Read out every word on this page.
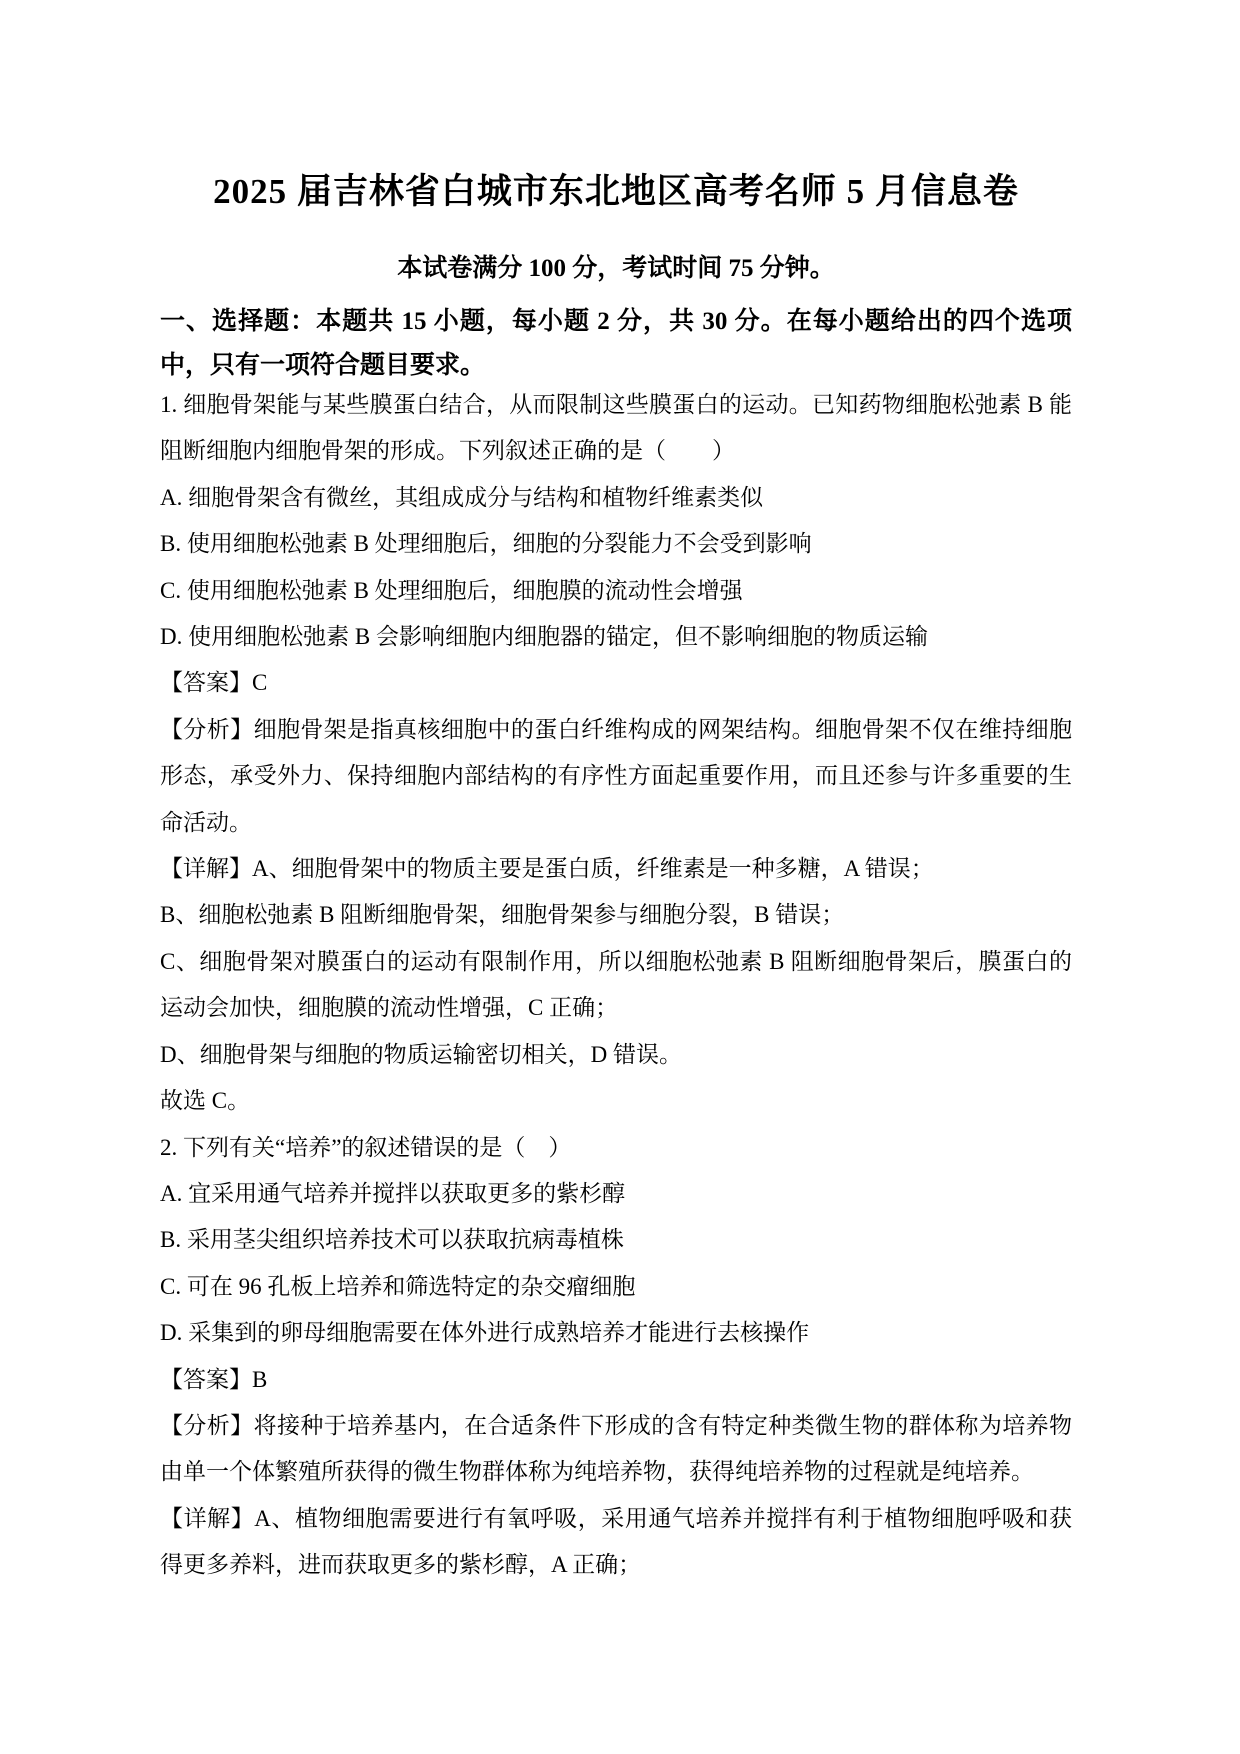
2025 届吉林省白城市东北地区高考名师 5 月信息卷
本试卷满分 100 分，考试时间 75 分钟。
一、选择题：本题共 15 小题，每小题 2 分，共 30 分。在每小题给出的四个选项
中，只有一项符合题目要求。
1. 细胞骨架能与某些膜蛋白结合，从而限制这些膜蛋白的运动。已知药物细胞松弛素 B 能
阻断细胞内细胞骨架的形成。下列叙述正确的是（　　）
A. 细胞骨架含有微丝，其组成成分与结构和植物纤维素类似
B. 使用细胞松弛素 B 处理细胞后，细胞的分裂能力不会受到影响
C. 使用细胞松弛素 B 处理细胞后，细胞膜的流动性会增强
D. 使用细胞松弛素 B 会影响细胞内细胞器的锚定，但不影响细胞的物质运输
【答案】C
【分析】细胞骨架是指真核细胞中的蛋白纤维构成的网架结构。细胞骨架不仅在维持细胞
形态，承受外力、保持细胞内部结构的有序性方面起重要作用，而且还参与许多重要的生
命活动。
【详解】A、细胞骨架中的物质主要是蛋白质，纤维素是一种多糖，A 错误；
B、细胞松弛素 B 阻断细胞骨架，细胞骨架参与细胞分裂，B 错误；
C、细胞骨架对膜蛋白的运动有限制作用，所以细胞松弛素 B 阻断细胞骨架后，膜蛋白的
运动会加快，细胞膜的流动性增强，C 正确；
D、细胞骨架与细胞的物质运输密切相关，D 错误。
故选 C。
2. 下列有关“培养”的叙述错误的是（　）
A. 宜采用通气培养并搅拌以获取更多的紫杉醇
B. 采用茎尖组织培养技术可以获取抗病毒植株
C. 可在 96 孔板上培养和筛选特定的杂交瘤细胞
D. 采集到的卵母细胞需要在体外进行成熟培养才能进行去核操作
【答案】B
【分析】将接种于培养基内，在合适条件下形成的含有特定种类微生物的群体称为培养物
由单一个体繁殖所获得的微生物群体称为纯培养物，获得纯培养物的过程就是纯培养。
【详解】A、植物细胞需要进行有氧呼吸，采用通气培养并搅拌有利于植物细胞呼吸和获
得更多养料，进而获取更多的紫杉醇，A 正确；
